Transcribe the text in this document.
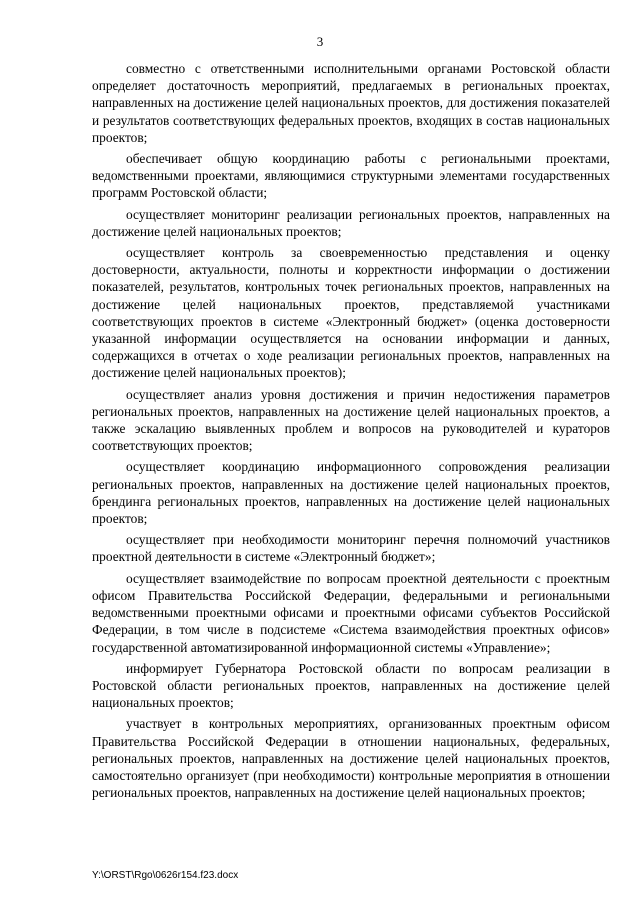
3

совместно с ответственными исполнительными органами Ростовской области определяет достаточность мероприятий, предлагаемых в региональных проектах, направленных на достижение целей национальных проектов, для достижения показателей и результатов соответствующих федеральных проектов, входящих в состав национальных проектов;

обеспечивает общую координацию работы с региональными проектами, ведомственными проектами, являющимися структурными элементами государственных программ Ростовской области;

осуществляет мониторинг реализации региональных проектов, направленных на достижение целей национальных проектов;

осуществляет контроль за своевременностью представления и оценку достоверности, актуальности, полноты и корректности информации о достижении показателей, результатов, контрольных точек региональных проектов, направленных на достижение целей национальных проектов, представляемой участниками соответствующих проектов в системе «Электронный бюджет» (оценка достоверности указанной информации осуществляется на основании информации и данных, содержащихся в отчетах о ходе реализации региональных проектов, направленных на достижение целей национальных проектов);

осуществляет анализ уровня достижения и причин недостижения параметров региональных проектов, направленных на достижение целей национальных проектов, а также эскалацию выявленных проблем и вопросов на руководителей и кураторов соответствующих проектов;

осуществляет координацию информационного сопровождения реализации региональных проектов, направленных на достижение целей национальных проектов, брендинга региональных проектов, направленных на достижение целей национальных проектов;

осуществляет при необходимости мониторинг перечня полномочий участников проектной деятельности в системе «Электронный бюджет»;

осуществляет взаимодействие по вопросам проектной деятельности с проектным офисом Правительства Российской Федерации, федеральными и региональными ведомственными проектными офисами и проектными офисами субъектов Российской Федерации, в том числе в подсистеме «Система взаимодействия проектных офисов» государственной автоматизированной информационной системы «Управление»;

информирует Губернатора Ростовской области по вопросам реализации в Ростовской области региональных проектов, направленных на достижение целей национальных проектов;

участвует в контрольных мероприятиях, организованных проектным офисом Правительства Российской Федерации в отношении национальных, федеральных, региональных проектов, направленных на достижение целей национальных проектов, самостоятельно организует (при необходимости) контрольные мероприятия в отношении региональных проектов, направленных на достижение целей национальных проектов;

Y:\ORST\Rgo\0626r154.f23.docx
